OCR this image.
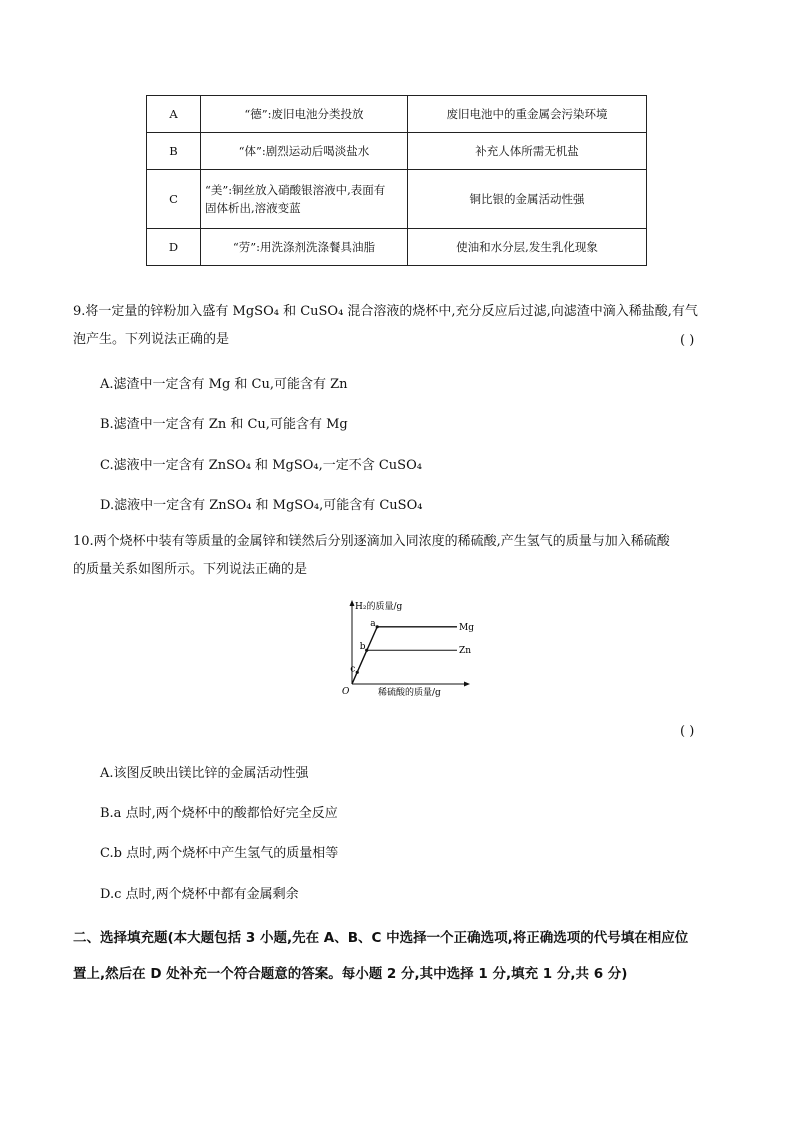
A	“德”:废旧电池分类投放	废旧电池中的重金属会污染环境
B	“体”:剧烈运动后喝淡盐水	补充人体所需无机盐
C	“美”:铜丝放入硝酸银溶液中,表面有
固体析出,溶液变蓝	铜比银的金属活动性强
D	“劳”:用洗涤剂洗涤餐具油脂	使油和水分层,发生乳化现象
9.将一定量的锌粉加入盛有 MgSO₄ 和 CuSO₄ 混合溶液的烧杯中,充分反应后过滤,向滤渣中滴入稀盐酸,有气
泡产生。下列说法正确的是	( )
A.滤渣中一定含有 Mg 和 Cu,可能含有 Zn
B.滤渣中一定含有 Zn 和 Cu,可能含有 Mg
C.滤液中一定含有 ZnSO₄ 和 MgSO₄,一定不含 CuSO₄
D.滤液中一定含有 ZnSO₄ 和 MgSO₄,可能含有 CuSO₄
10.两个烧杯中装有等质量的金属锌和镁然后分别逐滴加入同浓度的稀硫酸,产生氢气的质量与加入稀硫酸
的质量关系如图所示。下列说法正确的是
H₂的质量/g
稀硫酸的质量/g
O
Mg
Zn
a
b
c
( )
A.该图反映出镁比锌的金属活动性强
B.a 点时,两个烧杯中的酸都恰好完全反应
C.b 点时,两个烧杯中产生氢气的质量相等
D.c 点时,两个烧杯中都有金属剩余
二、选择填充题(本大题包括 3 小题,先在 A、B、C 中选择一个正确选项,将正确选项的代号填在相应位
置上,然后在 D 处补充一个符合题意的答案。每小题 2 分,其中选择 1 分,填充 1 分,共 6 分)
